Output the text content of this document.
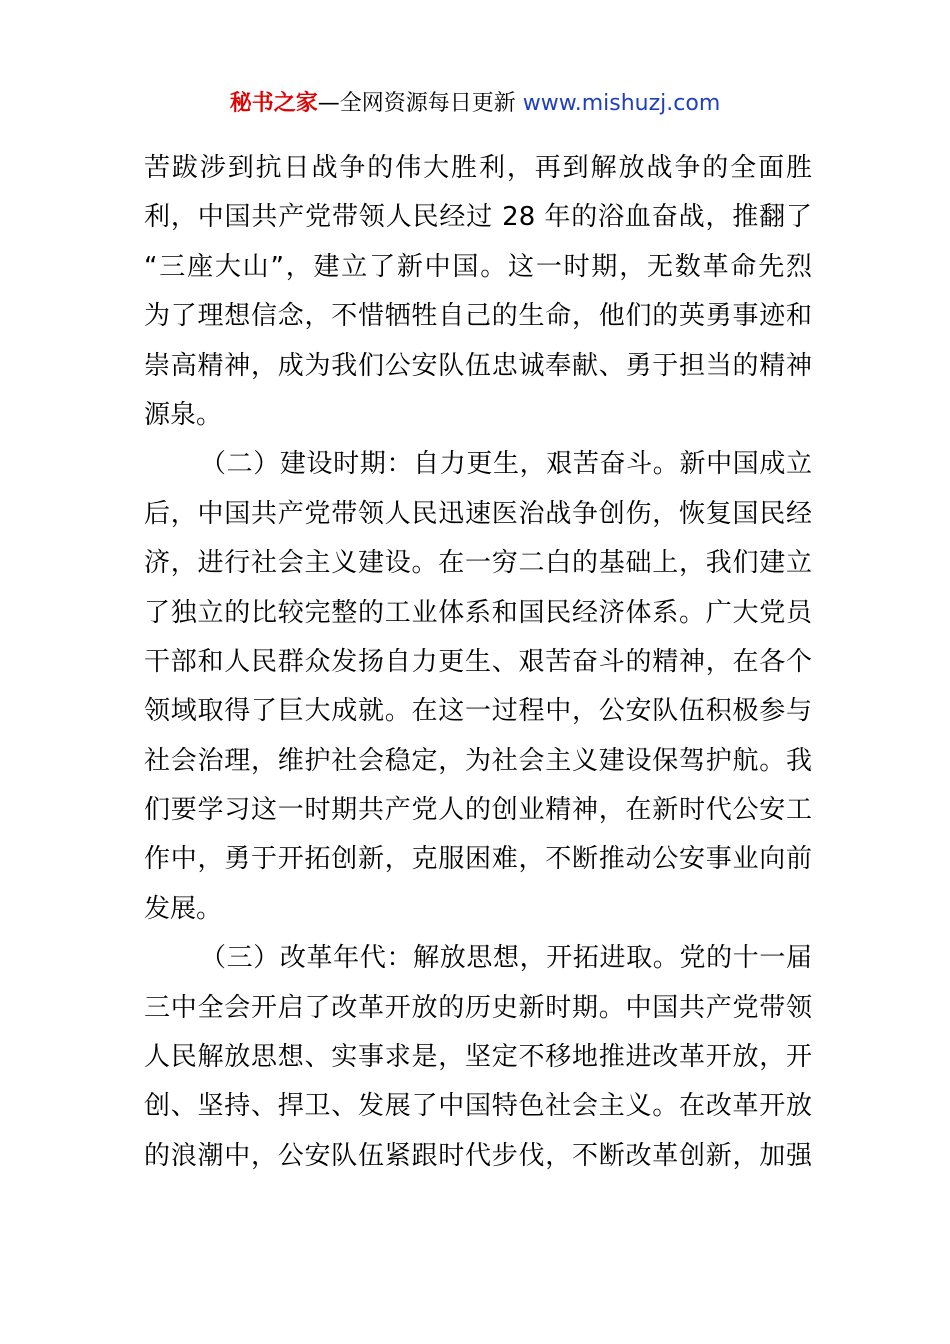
秘书之家—全网资源每日更新 www.mishuzj.com
苦跋涉到抗日战争的伟大胜利，再到解放战争的全面胜
利，中国共产党带领人民经过 28 年的浴血奋战，推翻了
“三座大山”，建立了新中国。这一时期，无数革命先烈
为了理想信念，不惜牺牲自己的生命，他们的英勇事迹和
崇高精神，成为我们公安队伍忠诚奉献、勇于担当的精神
源泉。
（二）建设时期：自力更生，艰苦奋斗。新中国成立
后，中国共产党带领人民迅速医治战争创伤，恢复国民经
济，进行社会主义建设。在一穷二白的基础上，我们建立
了独立的比较完整的工业体系和国民经济体系。广大党员
干部和人民群众发扬自力更生、艰苦奋斗的精神，在各个
领域取得了巨大成就。在这一过程中，公安队伍积极参与
社会治理，维护社会稳定，为社会主义建设保驾护航。我
们要学习这一时期共产党人的创业精神，在新时代公安工
作中，勇于开拓创新，克服困难，不断推动公安事业向前
发展。
（三）改革年代：解放思想，开拓进取。党的十一届
三中全会开启了改革开放的历史新时期。中国共产党带领
人民解放思想、实事求是，坚定不移地推进改革开放，开
创、坚持、捍卫、发展了中国特色社会主义。在改革开放
的浪潮中，公安队伍紧跟时代步伐，不断改革创新，加强
